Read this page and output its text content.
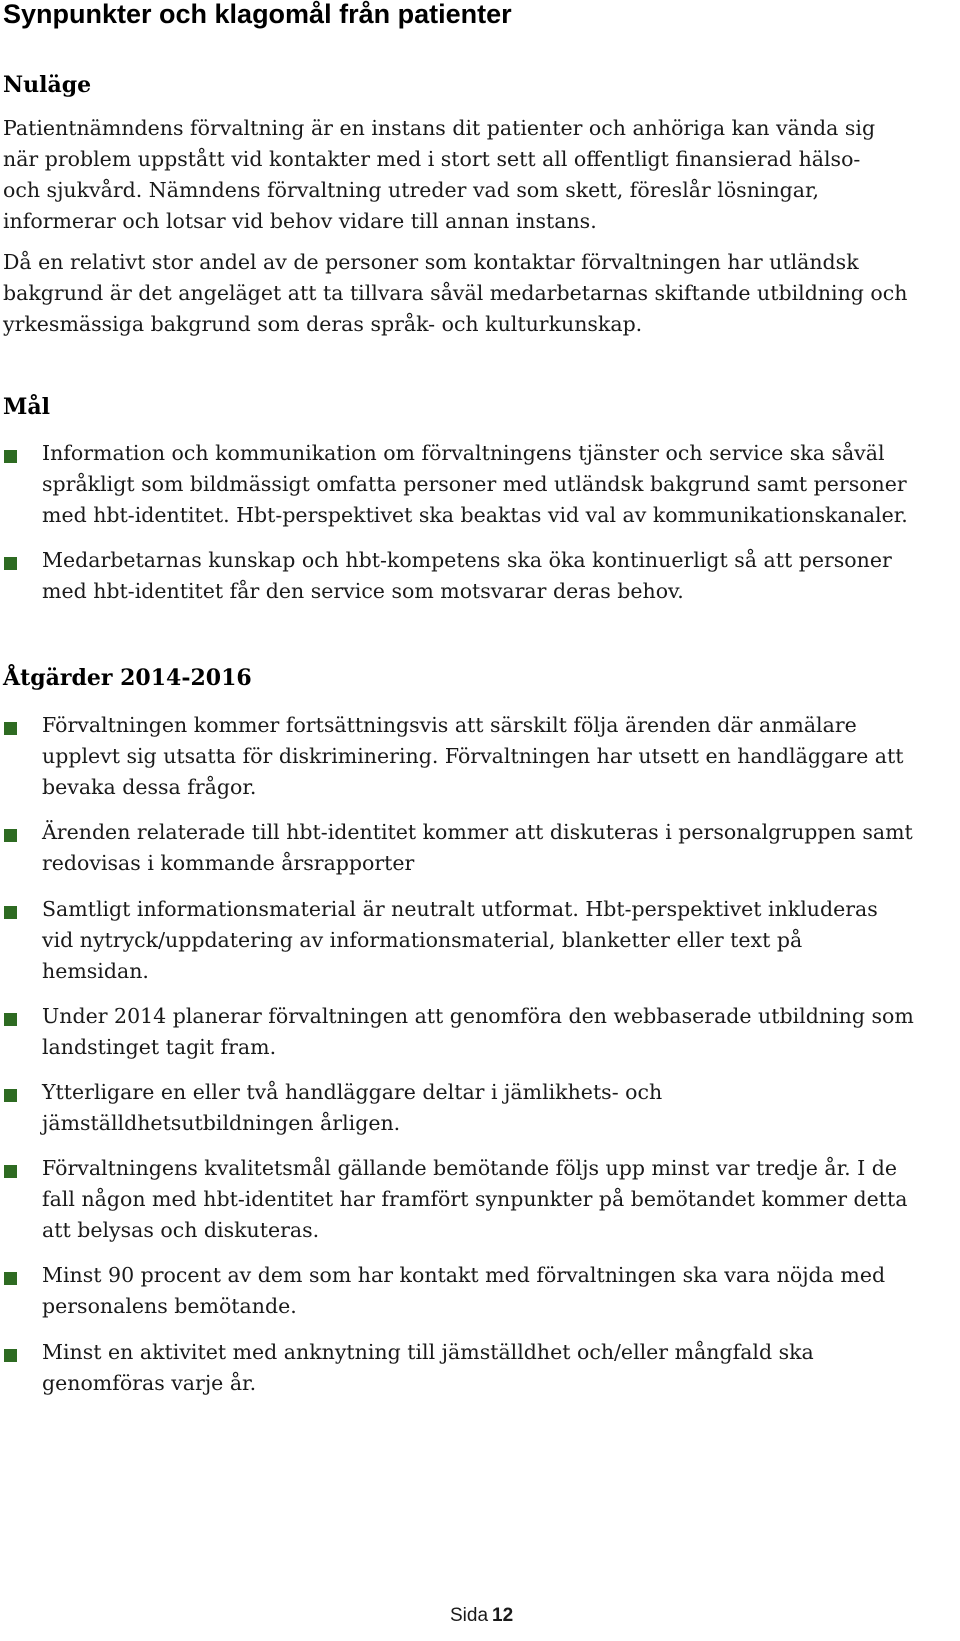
Synpunkter och klagomål från patienter
Nuläge

Patientnämndens förvaltning är en instans dit patienter och anhöriga kan vända sig
när problem uppstått vid kontakter med i stort sett all offentligt finansierad hälso-
och sjukvård. Nämndens förvaltning utreder vad som skett, föreslår lösningar,
informerar och lotsar vid behov vidare till annan instans.

Då en relativt stor andel av de personer som kontaktar förvaltningen har utländsk
bakgrund är det angeläget att ta tillvara såväl medarbetarnas skiftande utbildning och
yrkesmässiga bakgrund som deras språk- och kulturkunskap.

Mål

Information och kommunikation om förvaltningens tjänster och service ska såväl
språkligt som bildmässigt omfatta personer med utländsk bakgrund samt personer
med hbt-identitet. Hbt-perspektivet ska beaktas vid val av kommunikationskanaler.

Medarbetarnas kunskap och hbt-kompetens ska öka kontinuerligt så att personer
med hbt-identitet får den service som motsvarar deras behov.

Åtgärder 2014-2016

Förvaltningen kommer fortsättningsvis att särskilt följa ärenden där anmälare
upplevt sig utsatta för diskriminering. Förvaltningen har utsett en handläggare att
bevaka dessa frågor.

Ärenden relaterade till hbt-identitet kommer att diskuteras i personalgruppen samt
redovisas i kommande årsrapporter

Samtligt informationsmaterial är neutralt utformat. Hbt-perspektivet inkluderas
vid nytryck/uppdatering av informationsmaterial, blanketter eller text på
hemsidan.

Under 2014 planerar förvaltningen att genomföra den webbaserade utbildning som
landstinget tagit fram.

Ytterligare en eller två handläggare deltar i jämlikhets- och
jämställdhetsutbildningen årligen.

Förvaltningens kvalitetsmål gällande bemötande följs upp minst var tredje år. I de
fall någon med hbt-identitet har framfört synpunkter på bemötandet kommer detta
att belysas och diskuteras.

Minst 90 procent av dem som har kontakt med förvaltningen ska vara nöjda med
personalens bemötande.

Minst en aktivitet med anknytning till jämställdhet och/eller mångfald ska
genomföras varje år.

Sida 12
